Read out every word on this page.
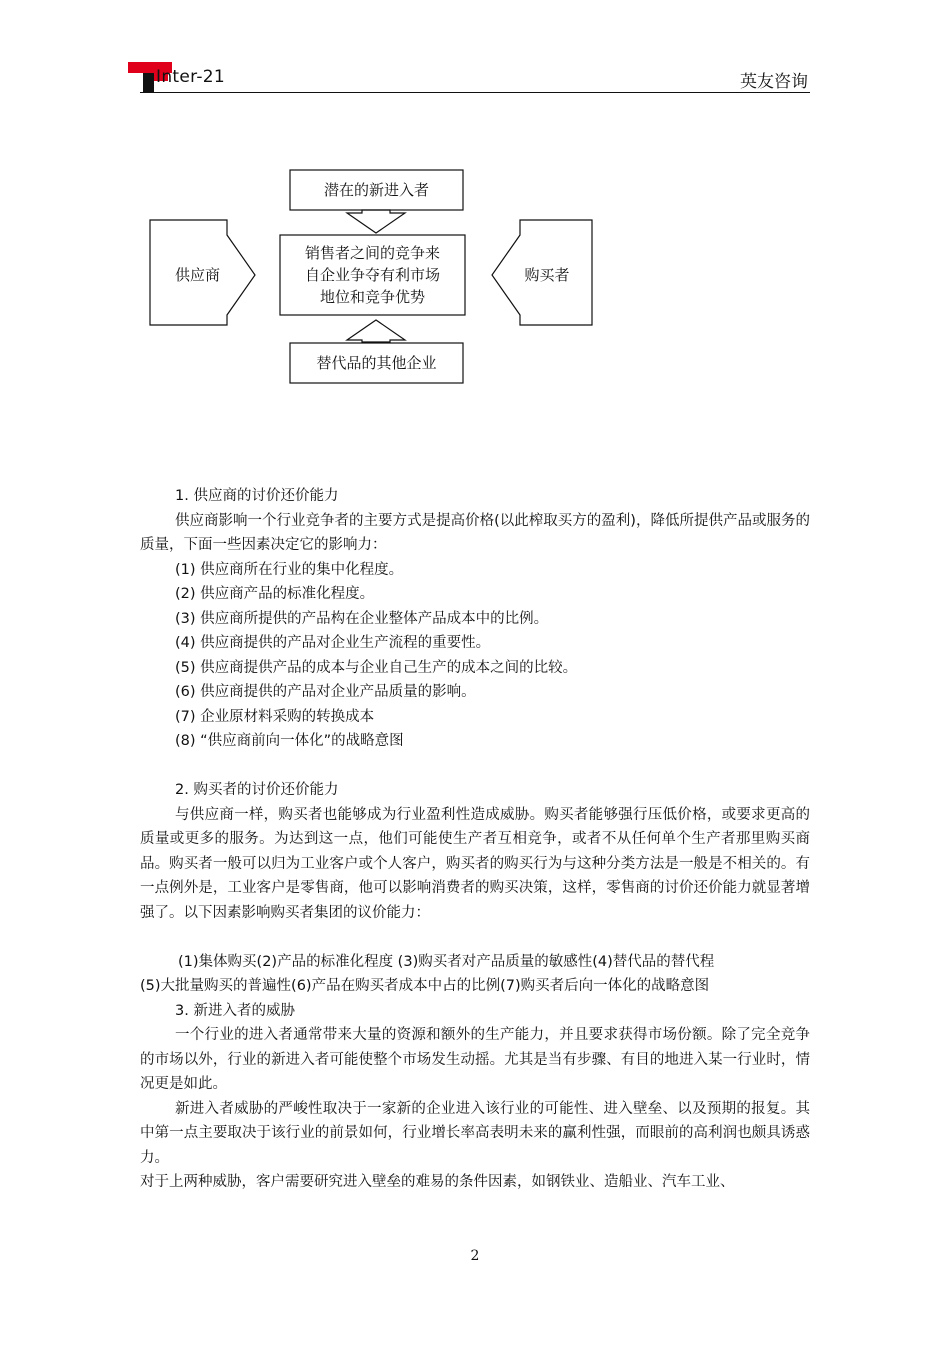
Inter-21	英友咨询
潜在的新进入者
销售者之间的竞争来
自企业争夺有利市场
地位和竞争优势
供应商	购买者
替代品的其他企业

1. 供应商的讨价还价能力

供应商影响一个行业竞争者的主要方式是提高价格(以此榨取买方的盈利)，降低所提供产品或服务的质量，下面一些因素决定它的影响力：

(1) 供应商所在行业的集中化程度。

(2) 供应商产品的标准化程度。

(3) 供应商所提供的产品构在企业整体产品成本中的比例。

(4) 供应商提供的产品对企业生产流程的重要性。

(5) 供应商提供产品的成本与企业自己生产的成本之间的比较。

(6) 供应商提供的产品对企业产品质量的影响。

(7) 企业原材料采购的转换成本

(8) “供应商前向一体化”的战略意图

2. 购买者的讨价还价能力

与供应商一样，购买者也能够成为行业盈利性造成威胁。购买者能够强行压低价格，或要求更高的质量或更多的服务。为达到这一点，他们可能使生产者互相竞争，或者不从任何单个生产者那里购买商品。购买者一般可以归为工业客户或个人客户，购买者的购买行为与这种分类方法是一般是不相关的。有一点例外是，工业客户是零售商，他可以影响消费者的购买决策，这样，零售商的讨价还价能力就显著增强了。以下因素影响购买者集团的议价能力：

(1)集体购买(2)产品的标准化程度 (3)购买者对产品质量的敏感性(4)替代品的替代程

(5)大批量购买的普遍性(6)产品在购买者成本中占的比例(7)购买者后向一体化的战略意图

3. 新进入者的威胁

一个行业的进入者通常带来大量的资源和额外的生产能力，并且要求获得市场份额。除了完全竞争的市场以外，行业的新进入者可能使整个市场发生动摇。尤其是当有步骤、有目的地进入某一行业时，情况更是如此。

新进入者威胁的严峻性取决于一家新的企业进入该行业的可能性、进入壁垒、以及预期的报复。其中第一点主要取决于该行业的前景如何，行业增长率高表明未来的赢利性强，而眼前的高利润也颇具诱惑力。

对于上两种威胁，客户需要研究进入壁垒的难易的条件因素，如钢铁业、造船业、汽车工业、

2
